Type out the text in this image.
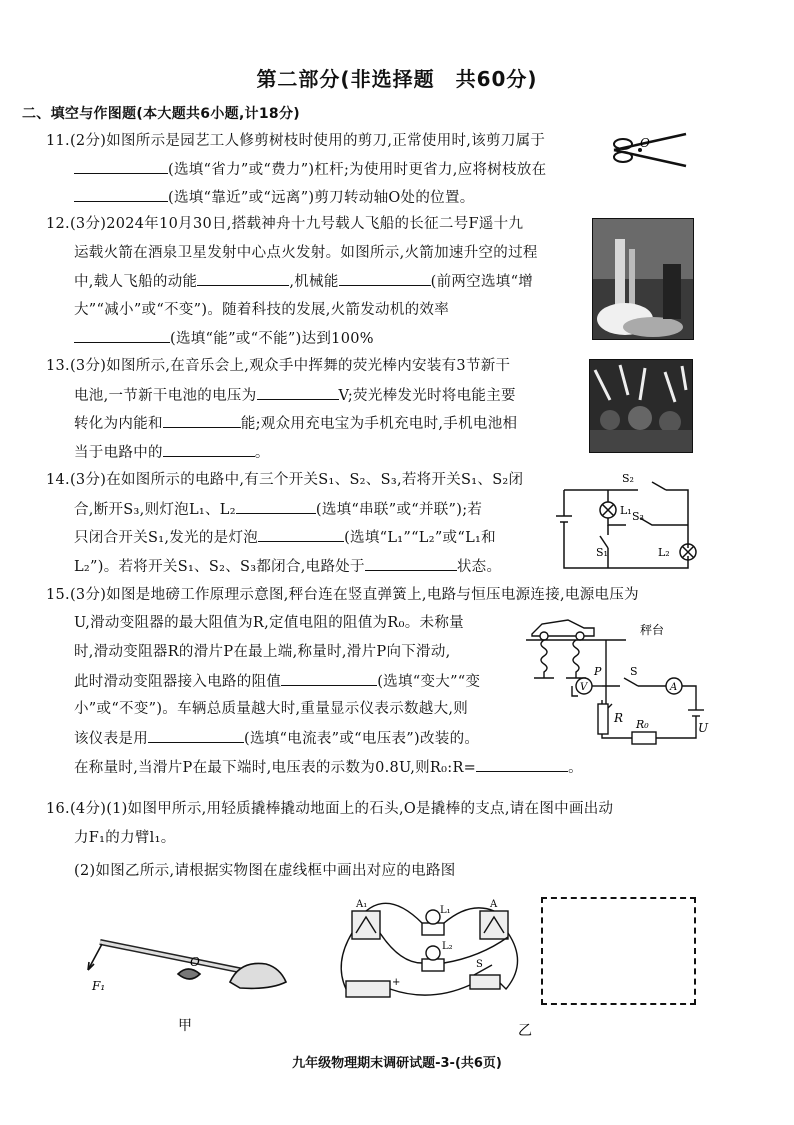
第二部分(非选择题　共60分)
二、填空与作图题(本大题共6小题,计18分)
11.(2分)如图所示是园艺工人修剪树枝时使用的剪刀,正常使用时,该剪刀属于
(选填“省力”或“费力”)杠杆;为使用时更省力,应将树枝放在
(选填“靠近”或“远离”)剪刀转动轴O处的位置。
O
12.(3分)2024年10月30日,搭载神舟十九号载人飞船的长征二号F遥十九
运载火箭在酒泉卫星发射中心点火发射。如图所示,火箭加速升空的过程
中,载人飞船的动能	,机械能	(前两空选填“增
大”“减小”或“不变”)。随着科技的发展,火箭发动机的效率
(选填“能”或“不能”)达到100%
13.(3分)如图所示,在音乐会上,观众手中挥舞的荧光棒内安装有3节新干
电池,一节新干电池的电压为	V;荧光棒发光时将电能主要
转化为内能和	能;观众用充电宝为手机充电时,手机电池相
当于电路中的	。
14.(3分)在如图所示的电路中,有三个开关S₁、S₂、S₃,若将开关S₁、S₂闭
合,断开S₃,则灯泡L₁、L₂	(选填“串联”或“并联”);若
只闭合开关S₁,发光的是灯泡	(选填“L₁”“L₂”或“L₁和
L₂”)。若将开关S₁、S₂、S₃都闭合,电路处于	状态。
S₂
L₁ S₃
S₁	L₂
15.(3分)如图是地磅工作原理示意图,秤台连在竖直弹簧上,电路与恒压电源连接,电源电压为
U,滑动变阻器的最大阻值为R,定值电阻的阻值为R₀。未称量
时,滑动变阻器R的滑片P在最上端,称量时,滑片P向下滑动,
此时滑动变阻器接入电路的阻值	(选填“变大”“变
小”或“不变”)。车辆总质量越大时,重量显示仪表示数越大,则
该仪表是用	(选填“电流表”或“电压表”)改装的。
在称量时,当滑片P在最下端时,电压表的示数为0.8U,则R₀:R=	。
秤台
P
V
S
A
R
U
R₀
16.(4分)(1)如图甲所示,用轻质撬棒撬动地面上的石头,O是撬棒的支点,请在图中画出动
力F₁的力臂l₁。
(2)如图乙所示,请根据实物图在虚线框中画出对应的电路图
O
F₁
甲
A₁
L₁
A
L₂
S
+
乙
九年级物理期末调研试题-3-(共6页)
